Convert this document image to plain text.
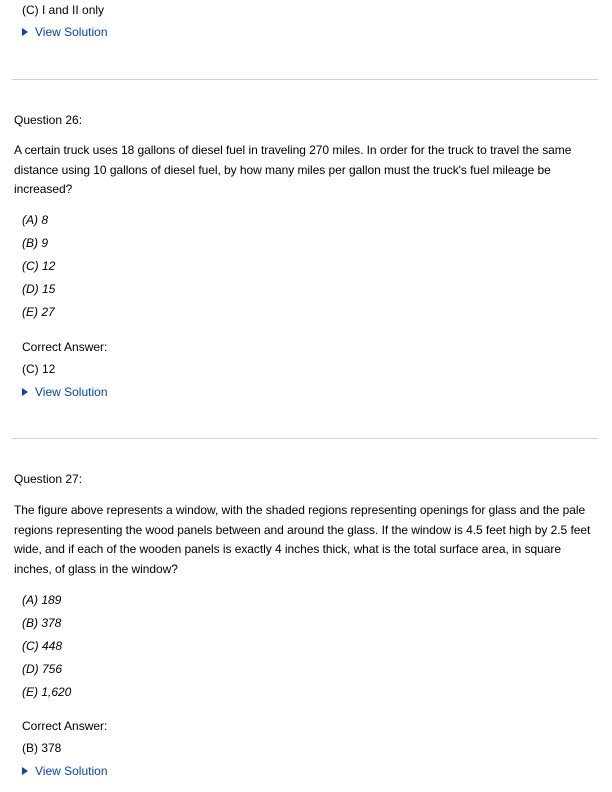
(C) I and II only
View Solution
Question 26:
A certain truck uses 18 gallons of diesel fuel in traveling 270 miles. In order for the truck to travel the same distance using 10 gallons of diesel fuel, by how many miles per gallon must the truck's fuel mileage be increased?
(A) 8
(B) 9
(C) 12
(D) 15
(E) 27
Correct Answer:
(C) 12
View Solution
Question 27:
The figure above represents a window, with the shaded regions representing openings for glass and the pale regions representing the wood panels between and around the glass. If the window is 4.5 feet high by 2.5 feet wide, and if each of the wooden panels is exactly 4 inches thick, what is the total surface area, in square inches, of glass in the window?
(A) 189
(B) 378
(C) 448
(D) 756
(E) 1,620
Correct Answer:
(B) 378
View Solution
